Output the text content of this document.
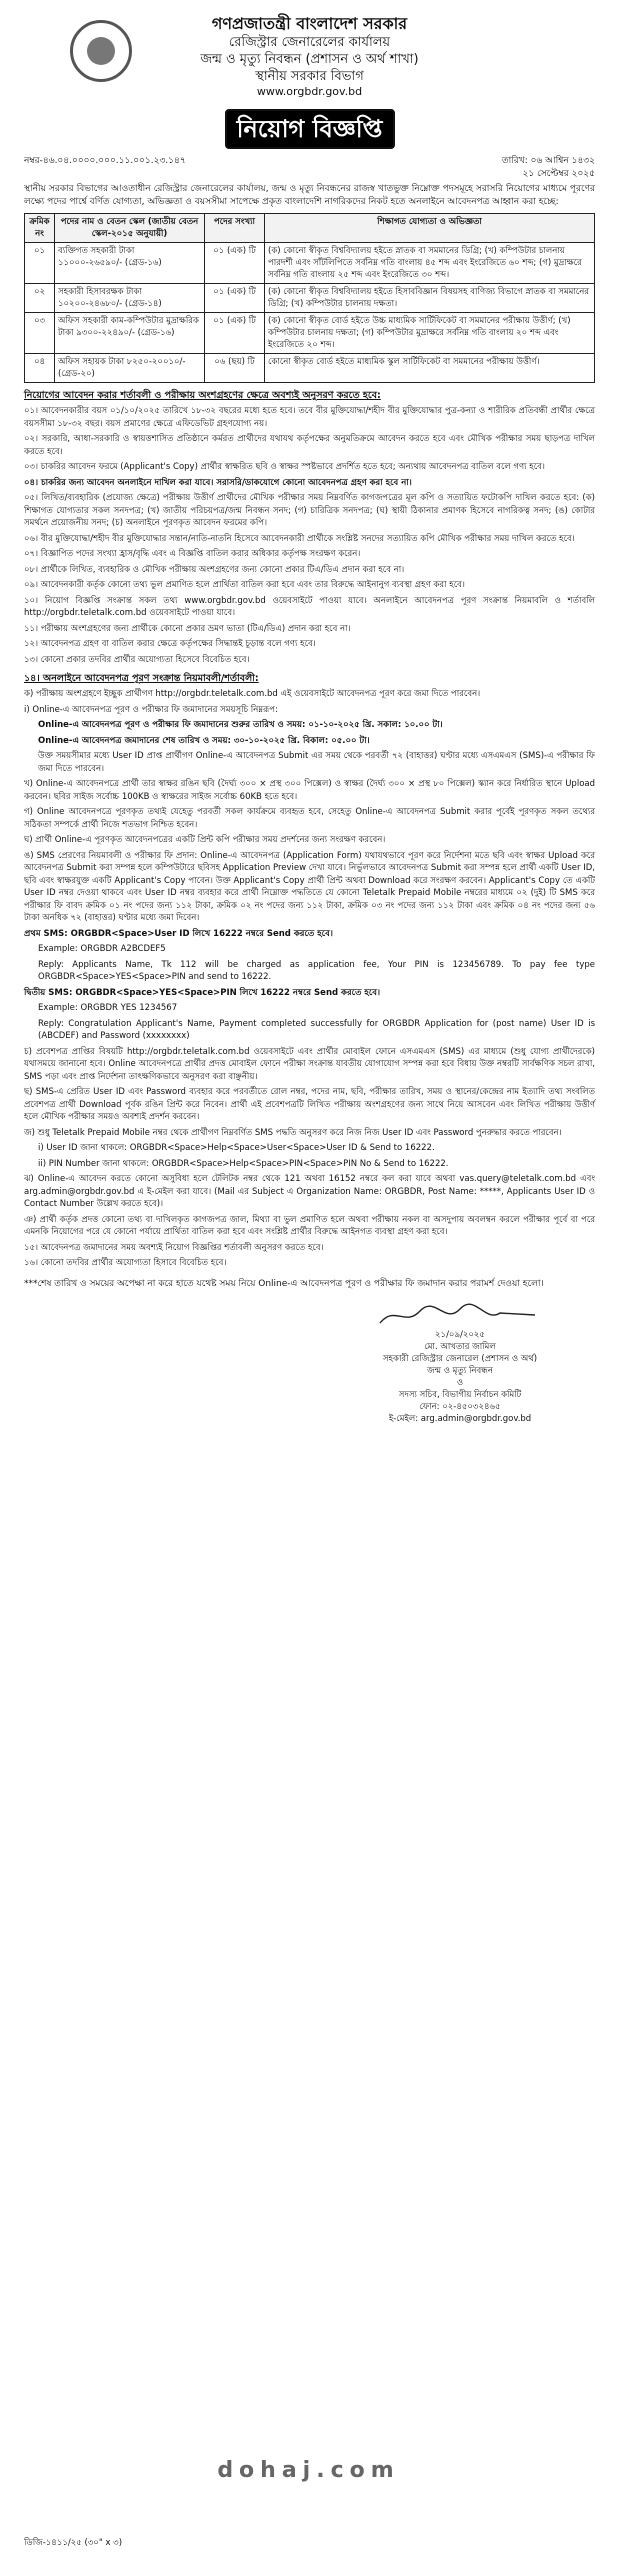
গণপ্রজাতন্ত্রী বাংলাদেশ সরকার
রেজিস্ট্রার জেনারেলের কার্যালয়
জন্ম ও মৃত্যু নিবন্ধন (প্রশাসন ও অর্থ শাখা)
স্থানীয় সরকার বিভাগ
www.orgbdr.gov.bd
নিয়োগ বিজ্ঞপ্তি
নম্বর-৪৬.০৪.০০০০.০০০.১১.০০১.২৩.১৪৭	তারিখ: ০৬ আশ্বিন ১৪৩২
২১ সেপ্টেম্বর ২০২৫

স্থানীয় সরকার বিভাগের আওতাধীন রেজিস্ট্রার জেনারেলের কার্যালয়, জন্ম ও মৃত্যু নিবন্ধনের রাজস্ব খাতভুক্ত নিম্নোক্ত পদসমূহে সরাসরি নিয়োগের মাধ্যমে পূরণের লক্ষ্যে পদের পার্শ্বে বর্ণিত যোগ্যতা, অভিজ্ঞতা ও বয়সসীমা সাপেক্ষে প্রকৃত বাংলাদেশি নাগরিকদের নিকট হতে অনলাইনে আবেদনপত্র আহ্বান করা হচ্ছে:

ক্রমিক নং	পদের নাম ও বেতন স্কেল (জাতীয় বেতন স্কেল-২০১৫ অনুযায়ী)	পদের সংখ্যা	শিক্ষাগত যোগ্যতা ও অভিজ্ঞতা
০১	ব্যক্তিগত সহকারী টাকা ১১০০০-২৬৫৯০/- (গ্রেড-১৬)	০১ (এক) টি	(ক) কোনো স্বীকৃত বিশ্ববিদ্যালয় হইতে স্নাতক বা সমমানের ডিগ্রি; (খ) কম্পিউটার চালনায় পারদর্শী এবং সাঁটলিপিতে সর্বনিম্ন গতি বাংলায় ৪৫ শব্দ এবং ইংরেজিতে ৬০ শব্দ; (গ) মুদ্রাক্ষরে সর্বনিম্ন গতি বাংলায় ২৫ শব্দ এবং ইংরেজিতে ৩০ শব্দ।
০২	সহকারী হিসাবরক্ষক টাকা ১০২০০-২৪৬৮০/- (গ্রেড-১৪)	০১ (এক) টি	(ক) কোনো স্বীকৃত বিশ্ববিদ্যালয় হইতে হিসাববিজ্ঞান বিষয়সহ বাণিজ্য বিভাগে স্নাতক বা সমমানের ডিগ্রি; (খ) কম্পিউটার চালনায় দক্ষতা।
০৩	অফিস সহকারী কাম-কম্পিউটার মুদ্রাক্ষরিক টাকা ৯৩০০-২২৪৯০/- (গ্রেড-১৬)	০১ (এক) টি	(ক) কোনো স্বীকৃত বোর্ড হইতে উচ্চ মাধ্যমিক সার্টিফিকেট বা সমমানের পরীক্ষায় উত্তীর্ণ; (খ) কম্পিউটার চালনায় দক্ষতা; (গ) কম্পিউটার মুদ্রাক্ষরে সর্বনিম্ন গতি বাংলায় ২০ শব্দ এবং ইংরেজিতে ২০ শব্দ।
০৪	অফিস সহায়ক টাকা ৮২৫০-২০০১০/- (গ্রেড-২০)	০৬ (ছয়) টি	কোনো স্বীকৃত বোর্ড হইতে মাধ্যমিক স্কুল সার্টিফিকেট বা সমমানের পরীক্ষায় উত্তীর্ণ।
নিয়োগের আবেদন করার শর্তাবলী ও পরীক্ষায় অংশগ্রহণের ক্ষেত্রে অবশ্যই অনুসরণ করতে হবে:
০১। আবেদনকারীর বয়স ০১/১০/২০২৫ তারিখে ১৮-৩২ বছরের মধ্যে হতে হবে। তবে বীর মুক্তিযোদ্ধা/শহীদ বীর মুক্তিযোদ্ধার পুত্র-কন্যা ও শারীরিক প্রতিবন্ধী প্রার্থীর ক্ষেত্রে বয়সসীমা ১৮-৩২ বছর। বয়স প্রমাণের ক্ষেত্রে এফিডেভিট গ্রহণযোগ্য নয়।
০২। সরকারি, আধা-সরকারি ও স্বায়ত্তশাসিত প্রতিষ্ঠানে কর্মরত প্রার্থীদের যথাযথ কর্তৃপক্ষের অনুমতিক্রমে আবেদন করতে হবে এবং মৌখিক পরীক্ষার সময় ছাড়পত্র দাখিল করতে হবে।
০৩। চাকরির আবেদন ফরমে (Applicant's Copy) প্রার্থীর স্বাক্ষরিত ছবি ও স্বাক্ষর স্পষ্টভাবে প্রদর্শিত হতে হবে; অন্যথায় আবেদনপত্র বাতিল বলে গণ্য হবে।
০৪। চাকরির জন্য আবেদন অনলাইনে দাখিল করা যাবে। সরাসরি/ডাকযোগে কোনো আবেদনপত্র গ্রহণ করা হবে না।
০৫। লিখিত/ব্যবহারিক (প্রযোজ্য ক্ষেত্রে) পরীক্ষায় উত্তীর্ণ প্রার্থীদের মৌখিক পরীক্ষার সময় নিম্নবর্ণিত কাগজপত্রের মূল কপি ও সত্যায়িত ফটোকপি দাখিল করতে হবে: (ক) শিক্ষাগত যোগ্যতার সকল সনদপত্র; (খ) জাতীয় পরিচয়পত্র/জন্ম নিবন্ধন সনদ; (গ) চারিত্রিক সনদপত্র; (ঘ) স্থায়ী ঠিকানার প্রমাণক হিসেবে নাগরিকত্ব সনদ; (ঙ) কোটার সমর্থনে প্রয়োজনীয় সনদ; (চ) অনলাইনে পূরণকৃত আবেদন ফরমের কপি।
০৬। বীর মুক্তিযোদ্ধা/শহীদ বীর মুক্তিযোদ্ধার সন্তান/নাতি-নাতনি হিসেবে আবেদনকারী প্রার্থীকে সংশ্লিষ্ট সনদের সত্যায়িত কপি মৌখিক পরীক্ষার সময় দাখিল করতে হবে।
০৭। বিজ্ঞাপিত পদের সংখ্যা হ্রাস/বৃদ্ধি এবং এ বিজ্ঞপ্তি বাতিল করার অধিকার কর্তৃপক্ষ সংরক্ষণ করেন।
০৮। প্রার্থীকে লিখিত, ব্যবহারিক ও মৌখিক পরীক্ষায় অংশগ্রহণের জন্য কোনো প্রকার টিএ/ডিএ প্রদান করা হবে না।
০৯। আবেদনকারী কর্তৃক কোনো তথ্য ভুল প্রমাণিত হলে প্রার্থিতা বাতিল করা হবে এবং তার বিরুদ্ধে আইনানুগ ব্যবস্থা গ্রহণ করা হবে।
১০। নিয়োগ বিজ্ঞপ্তি সংক্রান্ত সকল তথ্য www.orgbdr.gov.bd ওয়েবসাইটে পাওয়া যাবে। অনলাইনে আবেদনপত্র পূরণ সংক্রান্ত নিয়মাবলি ও শর্তাবলি http://orgbdr.teletalk.com.bd ওয়েবসাইটে পাওয়া যাবে।
১১। পরীক্ষায় অংশগ্রহণের জন্য প্রার্থীকে কোনো প্রকার ভ্রমণ ভাতা (টিএ/ডিএ) প্রদান করা হবে না।
১২। আবেদনপত্র গ্রহণ বা বাতিল করার ক্ষেত্রে কর্তৃপক্ষের সিদ্ধান্তই চূড়ান্ত বলে গণ্য হবে।
১৩। কোনো প্রকার তদবির প্রার্থীর অযোগ্যতা হিসেবে বিবেচিত হবে।
১৪। অনলাইনে আবেদনপত্র পূরণ সংক্রান্ত নিয়মাবলী/শর্তাবলী:
ক) পরীক্ষায় অংশগ্রহণে ইচ্ছুক প্রার্থীগণ http://orgbdr.teletalk.com.bd এই ওয়েবসাইটে আবেদনপত্র পূরণ করে জমা দিতে পারবেন।
i) Online-এ আবেদনপত্র পূরণ ও পরীক্ষার ফি জমাদানের সময়সূচি নিম্নরূপ:
Online-এ আবেদনপত্র পূরণ ও পরীক্ষার ফি জমাদানের শুরুর তারিখ ও সময়: ০১-১০-২০২৫ খ্রি. সকাল: ১০.০০ টা।
Online-এ আবেদনপত্র জমাদানের শেষ তারিখ ও সময়: ৩০-১০-২০২৫ খ্রি. বিকাল: ০৫.০০ টা।
উক্ত সময়সীমার মধ্যে User ID প্রাপ্ত প্রার্থীগণ Online-এ আবেদনপত্র Submit এর সময় থেকে পরবর্তী ৭২ (বাহাত্তর) ঘণ্টার মধ্যে এসএমএস (SMS)-এ পরীক্ষার ফি জমা দিতে পারবেন।
খ) Online-এ আবেদনপত্রে প্রার্থী তার স্বাক্ষর রঙিন ছবি (দৈর্ঘ্য ৩০০ × প্রস্থ ৩০০ পিক্সেল) ও স্বাক্ষর (দৈর্ঘ্য ৩০০ × প্রস্থ ৮০ পিক্সেল) স্ক্যান করে নির্ধারিত স্থানে Upload করবেন। ছবির সাইজ সর্বোচ্চ 100KB ও স্বাক্ষরের সাইজ সর্বোচ্চ 60KB হতে হবে।
গ) Online আবেদনপত্রে পূরণকৃত তথ্যই যেহেতু পরবর্তী সকল কার্যক্রমে ব্যবহৃত হবে, সেহেতু Online-এ আবেদনপত্র Submit করার পূর্বেই পূরণকৃত সকল তথ্যের সঠিকতা সম্পর্কে প্রার্থী নিজে শতভাগ নিশ্চিত হবেন।
ঘ) প্রার্থী Online-এ পূরণকৃত আবেদনপত্রের একটি প্রিন্ট কপি পরীক্ষার সময় প্রদর্শনের জন্য সংরক্ষণ করবেন।
ঙ) SMS প্রেরণের নিয়মাবলী ও পরীক্ষার ফি প্রদান: Online-এ আবেদনপত্র (Application Form) যথাযথভাবে পূরণ করে নির্দেশনা মতে ছবি এবং স্বাক্ষর Upload করে আবেদনপত্র Submit করা সম্পন্ন হলে কম্পিউটারে ছবিসহ Application Preview দেখা যাবে। নির্ভুলভাবে আবেদনপত্র Submit করা সম্পন্ন হলে প্রার্থী একটি User ID, ছবি এবং স্বাক্ষরযুক্ত একটি Applicant's Copy পাবেন। উক্ত Applicant's Copy প্রার্থী প্রিন্ট অথবা Download করে সংরক্ষণ করবেন। Applicant's Copy তে একটি User ID নম্বর দেওয়া থাকবে এবং User ID নম্বর ব্যবহার করে প্রার্থী নিম্নোক্ত পদ্ধতিতে যে কোনো Teletalk Prepaid Mobile নম্বরের মাধ্যমে ০২ (দুই) টি SMS করে পরীক্ষার ফি বাবদ ক্রমিক ০১ নং পদের জন্য ১১২ টাকা, ক্রমিক ০২ নং পদের জন্য ১১২ টাকা, ক্রমিক ০৩ নং পদের জন্য ১১২ টাকা এবং ক্রমিক ০৪ নং পদের জন্য ৫৬ টাকা অনধিক ৭২ (বাহাত্তর) ঘণ্টার মধ্যে জমা দিবেন।
প্রথম SMS: ORGBDR<Space>User ID লিখে 16222 নম্বরে Send করতে হবে।
Example: ORGBDR A2BCDEF5
Reply: Applicants Name, Tk 112 will be charged as application fee, Your PIN is 123456789. To pay fee type ORGBDR<Space>YES<Space>PIN and send to 16222.
দ্বিতীয় SMS: ORGBDR<Space>YES<Space>PIN লিখে 16222 নম্বরে Send করতে হবে।
Example: ORGBDR YES 1234567
Reply: Congratulation Applicant's Name, Payment completed successfully for ORGBDR Application for (post name) User ID is (ABCDEF) and Password (xxxxxxxx)
চ) প্রবেশপত্র প্রাপ্তির বিষয়টি http://orgbdr.teletalk.com.bd ওয়েবসাইটে এবং প্রার্থীর মোবাইল ফোনে এসএমএস (SMS) এর মাধ্যমে (শুধু যোগ্য প্রার্থীদেরকে) যথাসময়ে জানানো হবে। Online আবেদনপত্রে প্রার্থীর প্রদত্ত মোবাইল ফোনে পরীক্ষা সংক্রান্ত যাবতীয় যোগাযোগ সম্পন্ন করা হবে বিধায় উক্ত নম্বরটি সার্বক্ষণিক সচল রাখা, SMS পড়া এবং প্রাপ্ত নির্দেশনা তাৎক্ষণিকভাবে অনুসরণ করা বাঞ্ছনীয়।
ছ) SMS-এ প্রেরিত User ID এবং Password ব্যবহার করে পরবর্তীতে রোল নম্বর, পদের নাম, ছবি, পরীক্ষার তারিখ, সময় ও স্থানের/কেন্দ্রের নাম ইত্যাদি তথ্য সংবলিত প্রবেশপত্র প্রার্থী Download পূর্বক রঙিন প্রিন্ট করে নিবেন। প্রার্থী এই প্রবেশপত্রটি লিখিত পরীক্ষায় অংশগ্রহণের জন্য সাথে নিয়ে আসবেন এবং লিখিত পরীক্ষায় উত্তীর্ণ হলে মৌখিক পরীক্ষার সময়ও অবশ্যই প্রদর্শন করবেন।
জ) শুধু Teletalk Prepaid Mobile নম্বর থেকে প্রার্থীগণ নিম্নবর্ণিত SMS পদ্ধতি অনুসরণ করে নিজ নিজ User ID এবং Password পুনরুদ্ধার করতে পারবেন।
i) User ID জানা থাকলে: ORGBDR<Space>Help<Space>User<Space>User ID & Send to 16222.
ii) PIN Number জানা থাকলে: ORGBDR<Space>Help<Space>PIN<Space>PIN No & Send to 16222.
ঝ) Online-এ আবেদন করতে কোনো অসুবিধা হলে টেলিটক নম্বর থেকে 121 অথবা 16152 নম্বরে কল করা যাবে অথবা vas.query@teletalk.com.bd এবং arg.admin@orgbdr.gov.bd এ ই-মেইল করা যাবে। (Mail এর Subject এ Organization Name: ORGBDR, Post Name: *****, Applicants User ID ও Contact Number উল্লেখ করতে হবে)।
ঞ) প্রার্থী কর্তৃক প্রদত্ত কোনো তথ্য বা দাখিলকৃত কাগজপত্র জাল, মিথ্যা বা ভুল প্রমাণিত হলে অথবা পরীক্ষায় নকল বা অসদুপায় অবলম্বন করলে পরীক্ষার পূর্বে বা পরে এমনকি নিয়োগের পরে যে কোনো পর্যায়ে প্রার্থিতা বাতিল করা হবে এবং সংশ্লিষ্ট প্রার্থীর বিরুদ্ধে আইনগত ব্যবস্থা গ্রহণ করা হবে।
১৫। আবেদনপত্র জমাদানের সময় অবশ্যই নিয়োগ বিজ্ঞপ্তির শর্তাবলী অনুসরণ করতে হবে।
১৬। কোনো তদবির প্রার্থীর অযোগ্যতা হিসাবে বিবেচিত হবে।

***শেষ তারিখ ও সময়ের অপেক্ষা না করে হাতে যথেষ্ট সময় নিয়ে Online-এ আবেদনপত্র পূরণ ও পরীক্ষার ফি জমাদান করার পরামর্শ দেওয়া হলো।

২১/০৯/২০২৫
মো. আখতার জামিল
সহকারী রেজিস্ট্রার জেনারেল (প্রশাসন ও অর্থ)
জন্ম ও মৃত্যু নিবন্ধন
ও
সদস্য সচিব, বিভাগীয় নির্বাচন কমিটি
ফোন: ০২-৪৫০৩২৪৬৫
ই-মেইল: arg.admin@orgbdr.gov.bd
dohaj.com
ডিজি-১৪১১/২৫ (৩০" x ৩)
